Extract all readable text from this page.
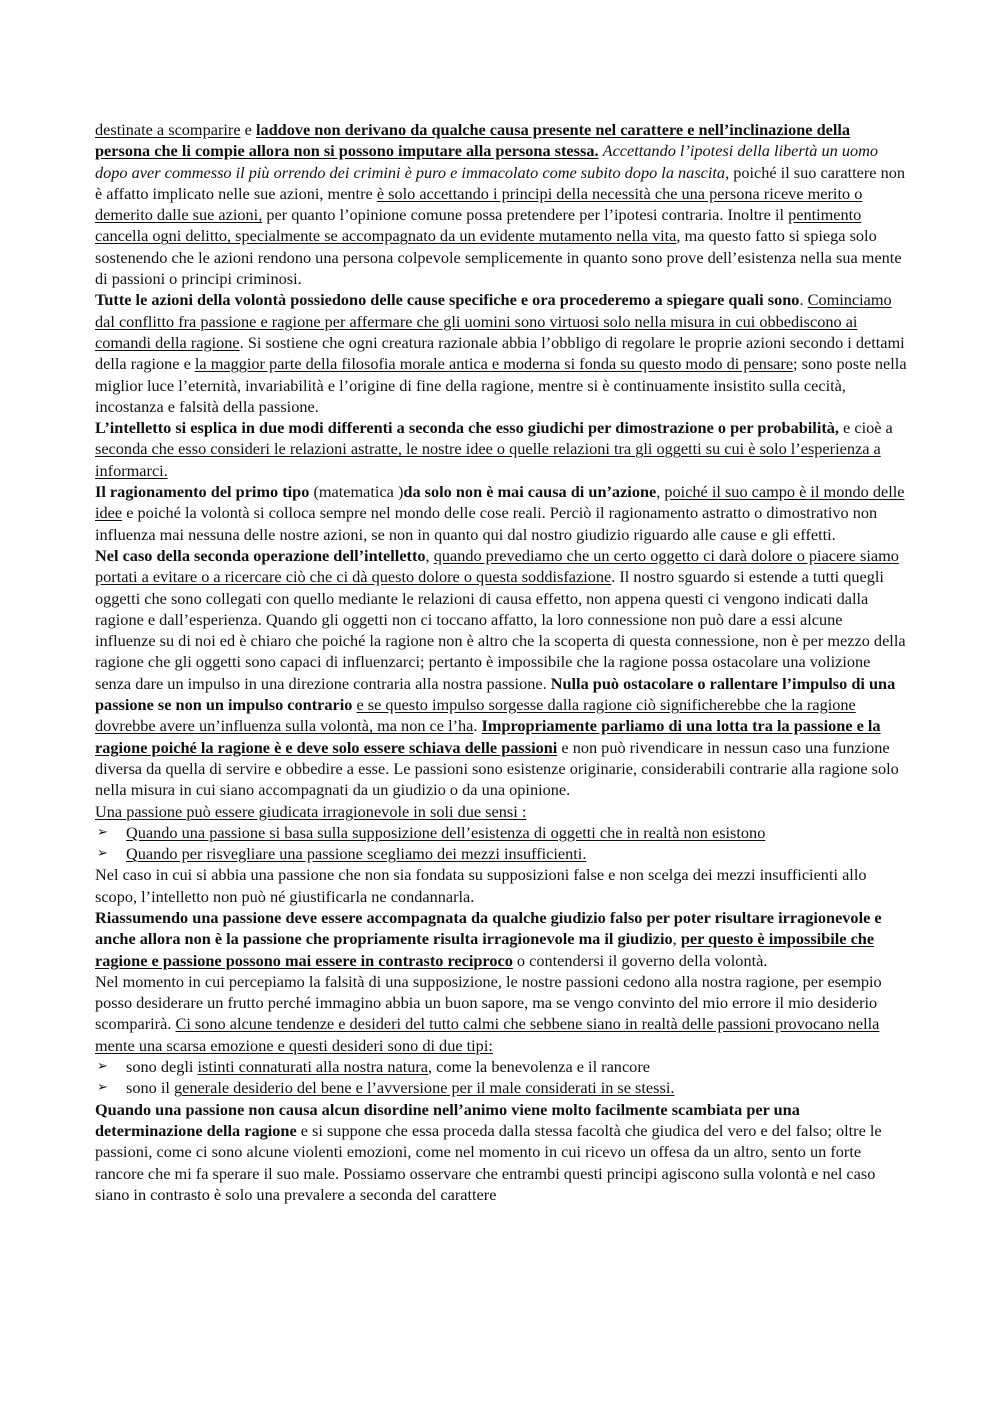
destinate a scomparire e laddove non derivano da qualche causa presente nel carattere e nell’inclinazione della persona che li compie allora non si possono imputare alla persona stessa. Accettando l’ipotesi della libertà un uomo dopo aver commesso il più orrendo dei crimini è puro e immacolato come subito dopo la nascita, poiché il suo carattere non è affatto implicato nelle sue azioni, mentre è solo accettando i principi della necessità che una persona riceve merito o demerito dalle sue azioni, per quanto l’opinione comune possa pretendere per l’ipotesi contraria. Inoltre il pentimento cancella ogni delitto, specialmente se accompagnato da un evidente mutamento nella vita, ma questo fatto si spiega solo sostenendo che le azioni rendono una persona colpevole semplicemente in quanto sono prove dell’esistenza nella sua mente di passioni o principi criminosi.

Tutte le azioni della volontà possiedono delle cause specifiche e ora procederemo a spiegare quali sono. Cominciamo dal conflitto fra passione e ragione per affermare che gli uomini sono virtuosi solo nella misura in cui obbediscono ai comandi della ragione. Si sostiene che ogni creatura razionale abbia l’obbligo di regolare le proprie azioni secondo i dettami della ragione e la maggior parte della filosofia morale antica e moderna si fonda su questo modo di pensare; sono poste nella miglior luce l’eternità, invariabilità e l’origine di fine della ragione, mentre si è continuamente insistito sulla cecità, incostanza e falsità della passione.

L’intelletto si esplica in due modi differenti a seconda che esso giudichi per dimostrazione o per probabilità, e cioè a seconda che esso consideri le relazioni astratte, le nostre idee o quelle relazioni tra gli oggetti su cui è solo l’esperienza a informarci.

Il ragionamento del primo tipo (matematica )da solo non è mai causa di un’azione, poiché il suo campo è il mondo delle idee e poiché la volontà si colloca sempre nel mondo delle cose reali. Perciò il ragionamento astratto o dimostrativo non influenza mai nessuna delle nostre azioni, se non in quanto qui dal nostro giudizio riguardo alle cause e gli effetti.

Nel caso della seconda operazione dell’intelletto, quando prevediamo che un certo oggetto ci darà dolore o piacere siamo portati a evitare o a ricercare ciò che ci dà questo dolore o questa soddisfazione. Il nostro sguardo si estende a tutti quegli oggetti che sono collegati con quello mediante le relazioni di causa effetto, non appena questi ci vengono indicati dalla ragione e dall’esperienza. Quando gli oggetti non ci toccano affatto, la loro connessione non può dare a essi alcune influenze su di noi ed è chiaro che poiché la ragione non è altro che la scoperta di questa connessione, non è per mezzo della ragione che gli oggetti sono capaci di influenzarci; pertanto è impossibile che la ragione possa ostacolare una volizione senza dare un impulso in una direzione contraria alla nostra passione. Nulla può ostacolare o rallentare l’impulso di una passione se non un impulso contrario e se questo impulso sorgesse dalla ragione ciò significherebbe che la ragione dovrebbe avere un’influenza sulla volontà, ma non ce l’ha. Impropriamente parliamo di una lotta tra la passione e la ragione poiché la ragione è e deve solo essere schiava delle passioni e non può rivendicare in nessun caso una funzione diversa da quella di servire e obbedire a esse. Le passioni sono esistenze originarie, considerabili contrarie alla ragione solo nella misura in cui siano accompagnati da un giudizio o da una opinione.

Una passione può essere giudicata irragionevole in soli due sensi :

➢ Quando una passione si basa sulla supposizione dell’esistenza di oggetti che in realtà non esistono
➢ Quando per risvegliare una passione scegliamo dei mezzi insufficienti.

Nel caso in cui si abbia una passione che non sia fondata su supposizioni false e non scelga dei mezzi insufficienti allo scopo, l’intelletto non può né giustificarla ne condannarla.

Riassumendo una passione deve essere accompagnata da qualche giudizio falso per poter risultare irragionevole e anche allora non è la passione che propriamente risulta irragionevole ma il giudizio, per questo è impossibile che ragione e passione possono mai essere in contrasto reciproco o contendersi il governo della volontà.

Nel momento in cui percepiamo la falsità di una supposizione, le nostre passioni cedono alla nostra ragione, per esempio posso desiderare un frutto perché immagino abbia un buon sapore, ma se vengo convinto del mio errore il mio desiderio scomparirà. Ci sono alcune tendenze e desideri del tutto calmi che sebbene siano in realtà delle passioni provocano nella mente una scarsa emozione e questi desideri sono di due tipi:

➢ sono degli istinti connaturati alla nostra natura, come la benevolenza e il rancore
➢ sono il generale desiderio del bene e l’avversione per il male considerati in se stessi.

Quando una passione non causa alcun disordine nell’animo viene molto facilmente scambiata per una determinazione della ragione e si suppone che essa proceda dalla stessa facoltà che giudica del vero e del falso; oltre le passioni, come ci sono alcune violenti emozioni, come nel momento in cui ricevo un offesa da un altro, sento un forte rancore che mi fa sperare il suo male. Possiamo osservare che entrambi questi principi agiscono sulla volontà e nel caso siano in contrasto è solo una prevalere a seconda del carattere
